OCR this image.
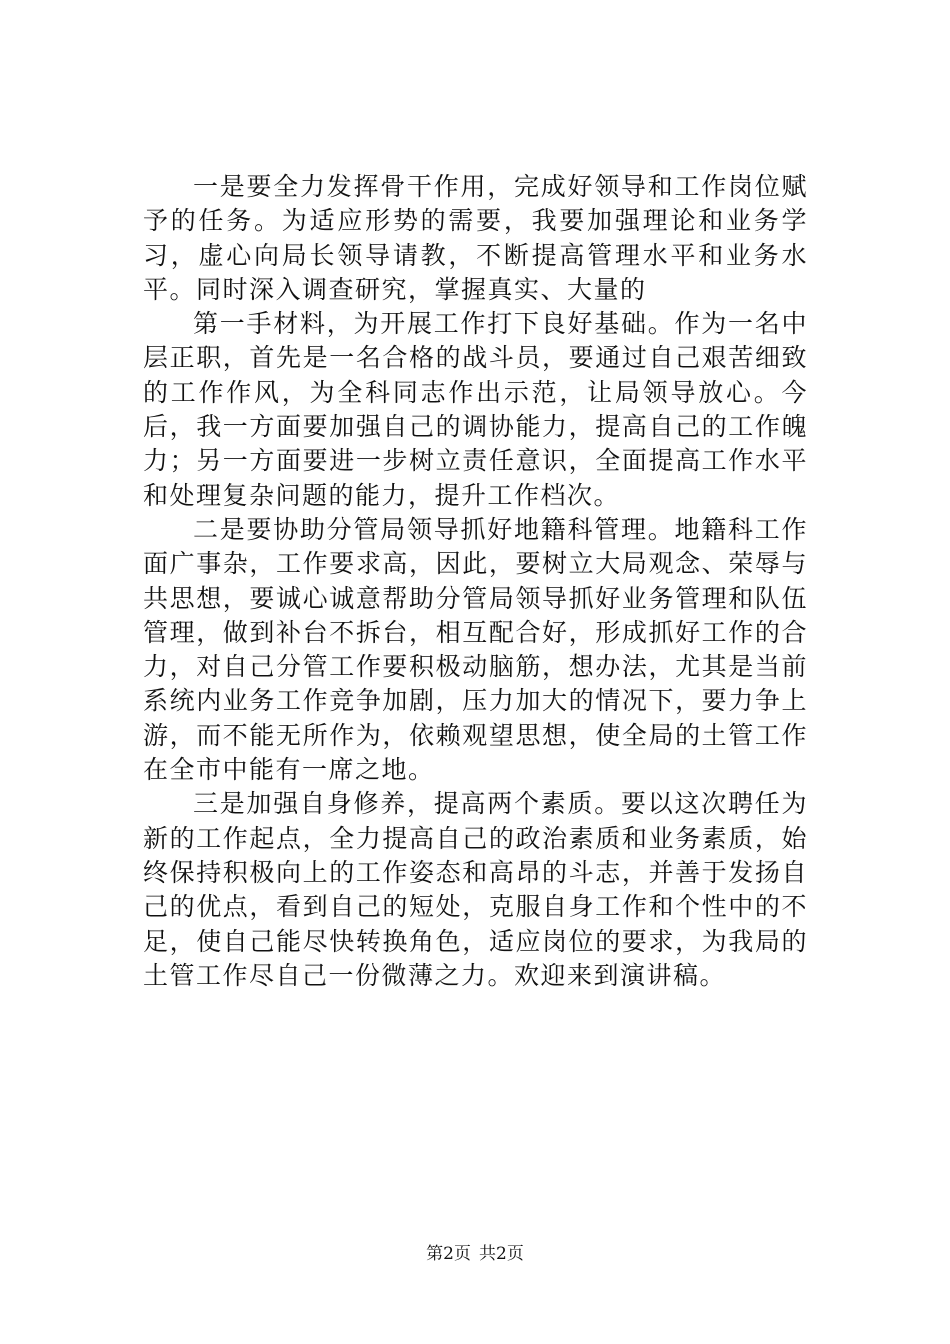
一是要全力发挥骨干作用，完成好领导和工作岗位赋予的任务。为适应形势的需要，我要加强理论和业务学习，虚心向局长领导请教，不断提高管理水平和业务水平。同时深入调查研究，掌握真实、大量的

第一手材料，为开展工作打下良好基础。作为一名中层正职，首先是一名合格的战斗员，要通过自己艰苦细致的工作作风，为全科同志作出示范，让局领导放心。今后，我一方面要加强自己的调协能力，提高自己的工作魄力；另一方面要进一步树立责任意识，全面提高工作水平和处理复杂问题的能力，提升工作档次。

二是要协助分管局领导抓好地籍科管理。地籍科工作面广事杂，工作要求高，因此，要树立大局观念、荣辱与共思想，要诚心诚意帮助分管局领导抓好业务管理和队伍管理，做到补台不拆台，相互配合好，形成抓好工作的合力，对自己分管工作要积极动脑筋，想办法，尤其是当前系统内业务工作竞争加剧，压力加大的情况下，要力争上游，而不能无所作为，依赖观望思想，使全局的土管工作在全市中能有一席之地。

三是加强自身修养，提高两个素质。要以这次聘任为新的工作起点，全力提高自己的政治素质和业务素质，始终保持积极向上的工作姿态和高昂的斗志，并善于发扬自己的优点，看到自己的短处，克服自身工作和个性中的不足，使自己能尽快转换角色，适应岗位的要求，为我局的土管工作尽自己一份微薄之力。欢迎来到演讲稿。

第2页 共2页
